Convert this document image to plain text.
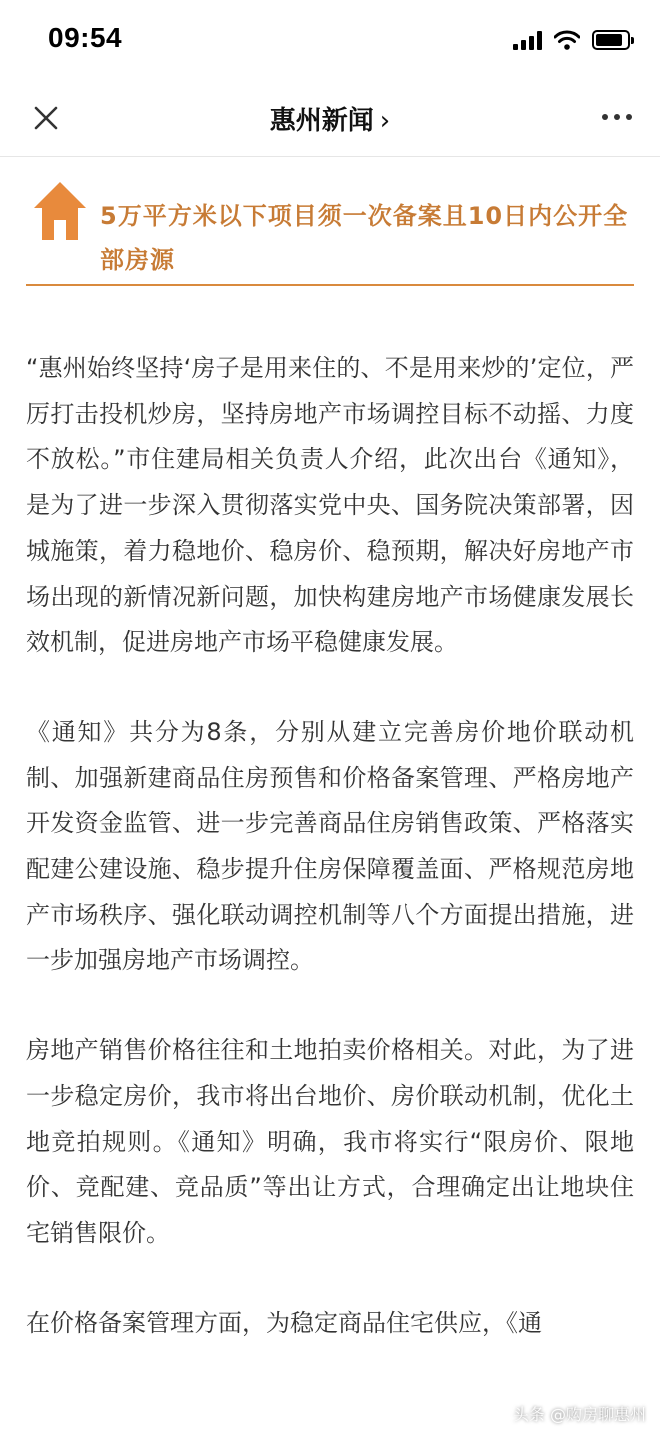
09:54
惠州新闻 ›
5万平方米以下项目须一次备案且10日内公开全部房源

“惠州始终坚持‘房子是用来住的、不是用来炒的’定位，严厉打击投机炒房，坚持房地产市场调控目标不动摇、力度不放松。”市住建局相关负责人介绍，此次出台《通知》，是为了进一步深入贯彻落实党中央、国务院决策部署，因城施策，着力稳地价、稳房价、稳预期，解决好房地产市场出现的新情况新问题，加快构建房地产市场健康发展长效机制，促进房地产市场平稳健康发展。

《通知》共分为8条，分别从建立完善房价地价联动机制、加强新建商品住房预售和价格备案管理、严格房地产开发资金监管、进一步完善商品住房销售政策、严格落实配建公建设施、稳步提升住房保障覆盖面、严格规范房地产市场秩序、强化联动调控机制等八个方面提出措施，进一步加强房地产市场调控。

房地产销售价格往往和土地拍卖价格相关。对此，为了进一步稳定房价，我市将出台地价、房价联动机制，优化土地竞拍规则。《通知》明确，我市将实行“限房价、限地价、竞配建、竞品质”等出让方式，合理确定出让地块住宅销售限价。

在价格备案管理方面，为稳定商品住宅供应，《通

头条 @购房聊惠州
